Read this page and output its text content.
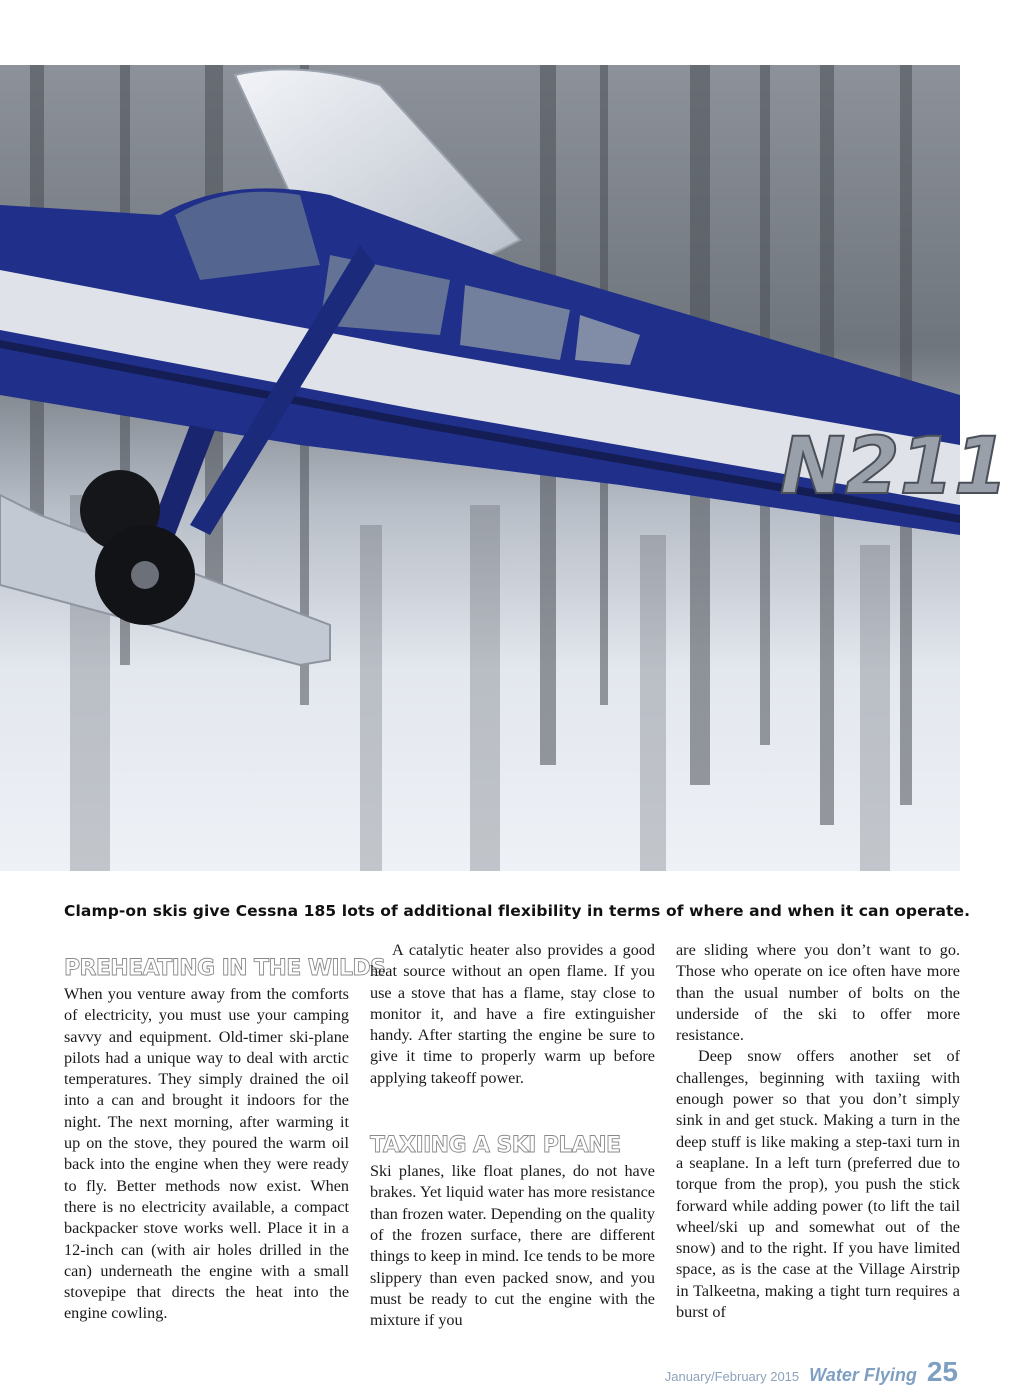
N211
Clamp-on skis give Cessna 185 lots of additional flexibility in terms of where and when it can operate.
PREHEATING IN THE WILDS

When you venture away from the comforts of electricity, you must use your camping savvy and equipment. Old-timer ski-plane pilots had a unique way to deal with arctic temperatures. They simply drained the oil into a can and brought it indoors for the night. The next morning, after warming it up on the stove, they poured the warm oil back into the engine when they were ready to fly. Better methods now exist. When there is no electricity available, a compact backpacker stove works well. Place it in a 12-inch can (with air holes drilled in the can) underneath the engine with a small stovepipe that directs the heat into the engine cowling.

A catalytic heater also provides a good heat source without an open flame. If you use a stove that has a flame, stay close to monitor it, and have a fire extinguisher handy. After starting the engine be sure to give it time to properly warm up before applying takeoff power.

TAXIING A SKI PLANE

Ski planes, like float planes, do not have brakes. Yet liquid water has more resistance than frozen water. Depending on the quality of the frozen surface, there are different things to keep in mind. Ice tends to be more slippery than even packed snow, and you must be ready to cut the engine with the mixture if you

are sliding where you don’t want to go. Those who operate on ice often have more than the usual number of bolts on the underside of the ski to offer more resistance.

Deep snow offers another set of challenges, beginning with taxiing with enough power so that you don’t simply sink in and get stuck. Making a turn in the deep stuff is like making a step-taxi turn in a seaplane. In a left turn (preferred due to torque from the prop), you push the stick forward while adding power (to lift the tail wheel/ski up and somewhat out of the snow) and to the right. If you have limited space, as is the case at the Village Airstrip in Talkeetna, making a tight turn requires a burst of

January/February 2015 Water Flying 25
